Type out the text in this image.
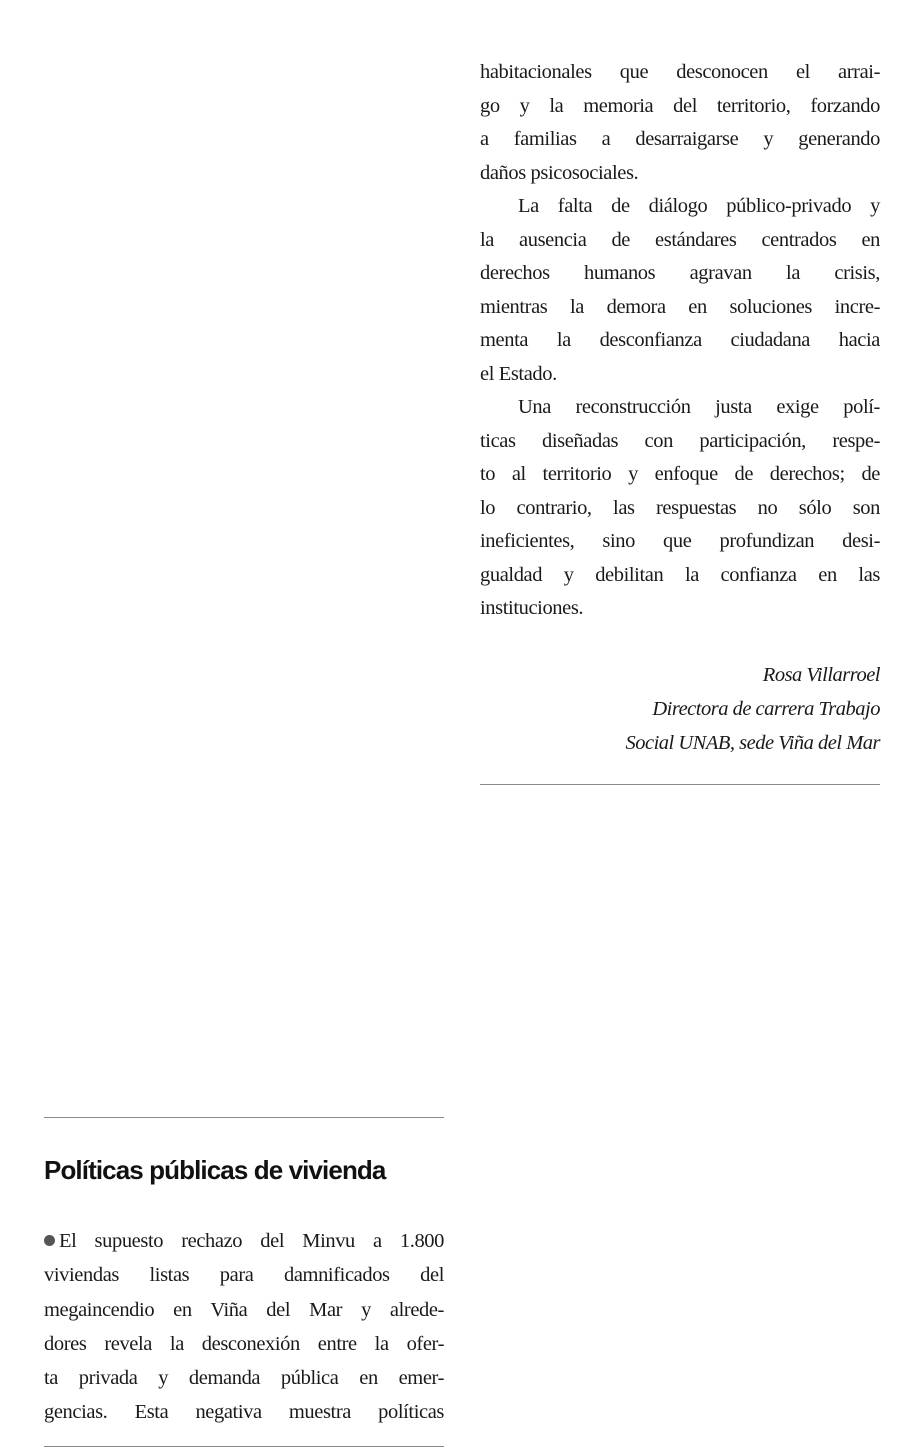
habitacionales que desconocen el arrai-
go y la memoria del territorio, forzando
a familias a desarraigarse y generando
daños psicosociales.
La falta de diálogo público-privado y
la ausencia de estándares centrados en
derechos humanos agravan la crisis,
mientras la demora en soluciones incre-
menta la desconfianza ciudadana hacia
el Estado.
Una reconstrucción justa exige polí-
ticas diseñadas con participación, respe-
to al territorio y enfoque de derechos; de
lo contrario, las respuestas no sólo son
ineficientes, sino que profundizan desi-
gualdad y debilitan la confianza en las
instituciones.
Rosa Villarroel
Directora de carrera Trabajo
Social UNAB, sede Viña del Mar
Políticas públicas de vivienda
El supuesto rechazo del Minvu a 1.800
viviendas listas para damnificados del
megaincendio en Viña del Mar y alrede-
dores revela la desconexión entre la ofer-
ta privada y demanda pública en emer-
gencias. Esta negativa muestra políticas
